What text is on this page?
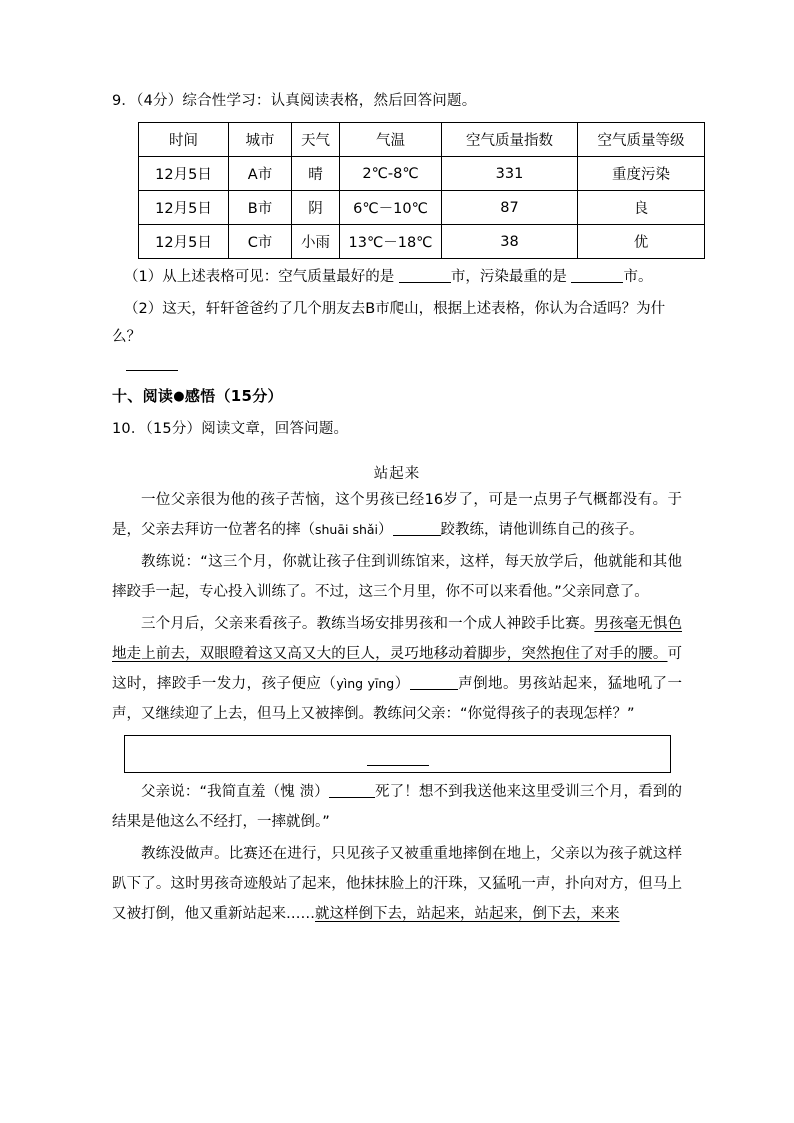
9．（4分）综合性学习：认真阅读表格，然后回答问题。
时间	城市	天气	气温	空气质量指数	空气质量等级
12月5日	A市	晴	2℃-8℃	331	重度污染
12月5日	B市	阴	6℃－10℃	87	良
12月5日	C市	小雨	13℃－18℃	38	优
（1）从上述表格可见：空气质量最好的是	市，污染最重的是	市。
（2）这天，轩轩爸爸约了几个朋友去B市爬山，根据上述表格，你认为合适吗？为什么？
十、阅读●感悟（15分）
10．（15分）阅读文章，回答问题。
站起来

一位父亲很为他的孩子苦恼，这个男孩已经16岁了，可是一点男子气概都没有。于是，父亲去拜访一位著名的摔（shuāi shǎi）	跤教练，请他训练自己的孩子。

教练说：“这三个月，你就让孩子住到训练馆来，这样，每天放学后，他就能和其他摔跤手一起，专心投入训练了。不过，这三个月里，你不可以来看他。”父亲同意了。

三个月后，父亲来看孩子。教练当场安排男孩和一个成人神跤手比赛。男孩毫无惧色地走上前去，双眼瞪着这又高又大的巨人，灵巧地移动着脚步，突然抱住了对手的腰。可这时，摔跤手一发力，孩子便应（yìng yīng）	声倒地。男孩站起来，猛地吼了一声，又继续迎了上去，但马上又被摔倒。教练问父亲：“你觉得孩子的表现怎样？”

父亲说：“我简直羞（愧 溃）	死了！想不到我送他来这里受训三个月，看到的结果是他这么不经打，一摔就倒。”

教练没做声。比赛还在进行，只见孩子又被重重地摔倒在地上，父亲以为孩子就这样趴下了。这时男孩奇迹般站了起来，他抹抹脸上的汗珠，又猛吼一声，扑向对方，但马上又被打倒，他又重新站起来……就这样倒下去，站起来，站起来，倒下去，来来
